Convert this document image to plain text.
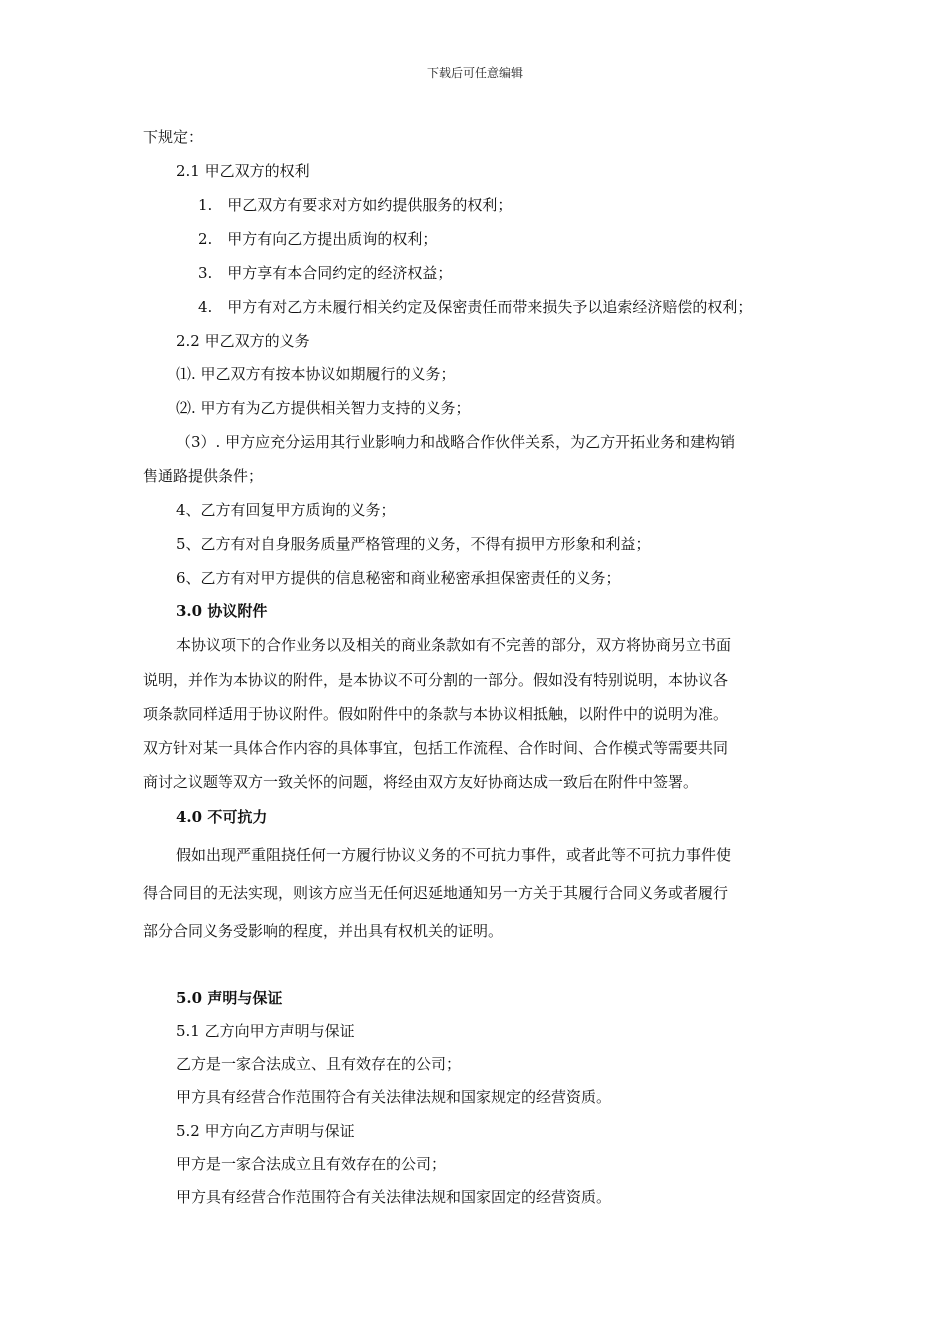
下载后可任意编辑
下规定：
2.1 甲乙双方的权利
1.　甲乙双方有要求对方如约提供服务的权利；
2.　甲方有向乙方提出质询的权利；
3.　甲方享有本合同约定的经济权益；
4.　甲方有对乙方未履行相关约定及保密责任而带来损失予以追索经济赔偿的权利；
2.2 甲乙双方的义务
⑴. 甲乙双方有按本协议如期履行的义务；
⑵. 甲方有为乙方提供相关智力支持的义务；
（3）. 甲方应充分运用其行业影响力和战略合作伙伴关系，为乙方开拓业务和建构销
售通路提供条件；
4、乙方有回复甲方质询的义务；
5、乙方有对自身服务质量严格管理的义务，不得有损甲方形象和利益；
6、乙方有对甲方提供的信息秘密和商业秘密承担保密责任的义务；
3.0 协议附件
本协议项下的合作业务以及相关的商业条款如有不完善的部分，双方将协商另立书面
说明，并作为本协议的附件，是本协议不可分割的一部分。假如没有特别说明，本协议各
项条款同样适用于协议附件。假如附件中的条款与本协议相抵触，以附件中的说明为准。
双方针对某一具体合作内容的具体事宜，包括工作流程、合作时间、合作模式等需要共同
商讨之议题等双方一致关怀的问题，将经由双方友好协商达成一致后在附件中签署。
4.0 不可抗力
假如出现严重阻挠任何一方履行协议义务的不可抗力事件，或者此等不可抗力事件使
得合同目的无法实现，则该方应当无任何迟延地通知另一方关于其履行合同义务或者履行
部分合同义务受影响的程度，并出具有权机关的证明。
5.0 声明与保证
5.1 乙方向甲方声明与保证
乙方是一家合法成立、且有效存在的公司；
甲方具有经营合作范围符合有关法律法规和国家规定的经营资质。
5.2 甲方向乙方声明与保证
甲方是一家合法成立且有效存在的公司；
甲方具有经营合作范围符合有关法律法规和国家固定的经营资质。
